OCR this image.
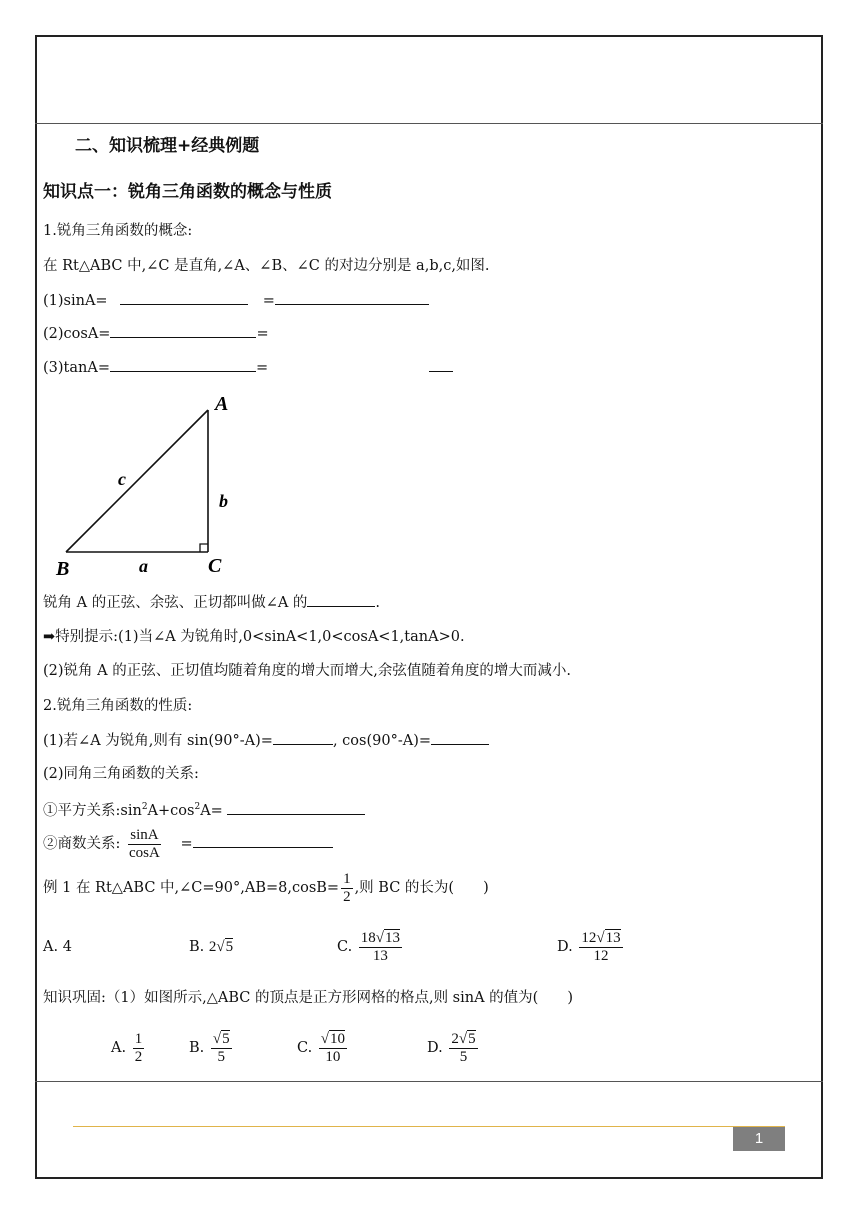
二、知识梳理+经典例题
知识点一：锐角三角函数的概念与性质
1.锐角三角函数的概念:
在 Rt△ABC 中,∠C 是直角,∠A、∠B、∠C 的对边分别是 a,b,c,如图.
(1)sinA=	=
(2)cosA=	=
(3)tanA=	=
A
B	C
a
b
c
锐角 A 的正弦、余弦、正切都叫做∠A 的	.
➡特别提示:(1)当∠A 为锐角时,0<sinA<1,0<cosA<1,tanA>0.
(2)锐角 A 的正弦、正切值均随着角度的增大而增大,余弦值随着角度的增大而减小.
2.锐角三角函数的性质:
(1)若∠A 为锐角,则有 sin(90°-A)=	, cos(90°-A)=
(2)同角三角函数的关系:
①平方关系$:\sin^2A+\cos^2A=$
②商数关系: $\frac{\sin A}{\cos A}$ =
例 1 在 Rt△ABC 中,∠C=90°,AB=8,cosB= $\frac{1}{2}$ ,则 BC 的长为(　　)
A. 4	B. 2√5	C. $\frac{18√13}{13}$	D. $\frac{12√13}{12}$
知识巩固:（1）如图所示,△ABC 的顶点是正方形网格的格点,则 sinA 的值为(　　)
A. $\frac{1}{2}$	B. $\frac{√5}{5}$	C. $\frac{√10}{10}$	D. $\frac{2√5}{5}$
1
